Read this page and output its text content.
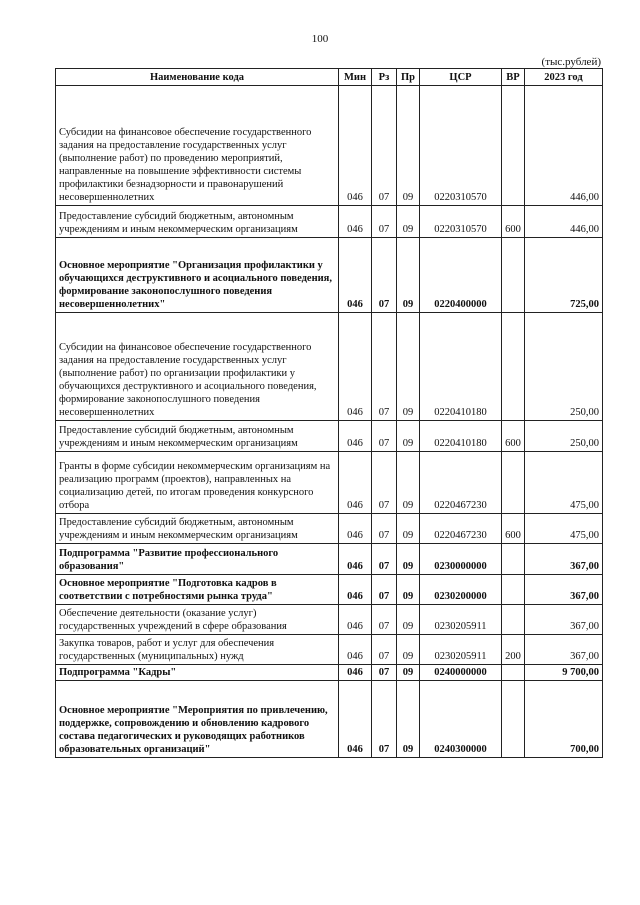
100
(тыс.рублей)
Наименование кода	Мин	Рз	Пр	ЦСР	ВР	2023 год
Субсидии на финансовое обеспечение государственного задания на предоставление государственных услуг (выполнение работ) по проведению мероприятий, направленные на повышение эффективности системы профилактики безнадзорности и правонарушений несовершеннолетних	046	07	09	0220310570		446,00
Предоставление субсидий бюджетным, автономным учреждениям и иным некоммерческим организациям	046	07	09	0220310570	600	446,00
Основное мероприятие "Организация профилактики у обучающихся деструктивного и асоциального поведения, формирование законопослушного поведения несовершеннолетних"	046	07	09	0220400000		725,00
Субсидии на финансовое обеспечение государственного задания на предоставление государственных услуг (выполнение работ) по организации профилактики у обучающихся деструктивного и асоциального поведения, формирование законопослушного поведения несовершеннолетних	046	07	09	0220410180		250,00
Предоставление субсидий бюджетным, автономным учреждениям и иным некоммерческим организациям	046	07	09	0220410180	600	250,00
Гранты в форме субсидии некоммерческим организациям на реализацию программ (проектов), направленных на социализацию детей, по итогам проведения конкурсного отбора	046	07	09	0220467230		475,00
Предоставление субсидий бюджетным, автономным учреждениям и иным некоммерческим организациям	046	07	09	0220467230	600	475,00
Подпрограмма "Развитие профессионального образования"	046	07	09	0230000000		367,00
Основное мероприятие "Подготовка кадров в соответствии с потребностями рынка труда"	046	07	09	0230200000		367,00
Обеспечение деятельности (оказание услуг) государственных учреждений в сфере образования	046	07	09	0230205911		367,00
Закупка товаров, работ и услуг для обеспечения государственных (муниципальных) нужд	046	07	09	0230205911	200	367,00
Подпрограмма "Кадры"	046	07	09	0240000000		9 700,00
Основное мероприятие "Мероприятия по привлечению, поддержке, сопровождению и обновлению кадрового состава педагогических и руководящих работников образовательных организаций"	046	07	09	0240300000		700,00
